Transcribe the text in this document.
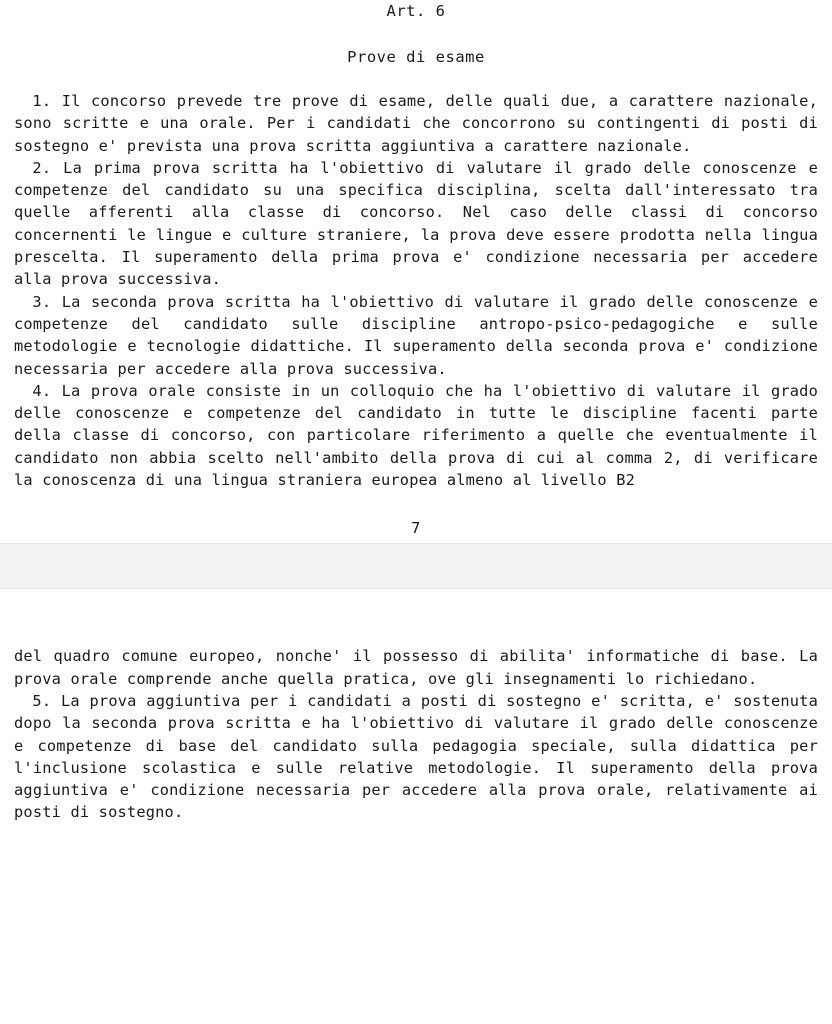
Art. 6
Prove di esame

1. Il concorso prevede tre prove di esame, delle quali due, a carattere nazionale, sono scritte e una orale. Per i candidati che concorrono su contingenti di posti di sostegno e' prevista una prova scritta aggiuntiva a carattere nazionale.

2. La prima prova scritta ha l'obiettivo di valutare il grado delle conoscenze e competenze del candidato su una specifica disciplina, scelta dall'interessato tra quelle afferenti alla classe di concorso. Nel caso delle classi di concorso concernenti le lingue e culture straniere, la prova deve essere prodotta nella lingua prescelta. Il superamento della prima prova e' condizione necessaria per accedere alla prova successiva.

3. La seconda prova scritta ha l'obiettivo di valutare il grado delle conoscenze e competenze del candidato sulle discipline antropo-psico-pedagogiche e sulle metodologie e tecnologie didattiche. Il superamento della seconda prova e' condizione necessaria per accedere alla prova successiva.

4. La prova orale consiste in un colloquio che ha l'obiettivo di valutare il grado delle conoscenze e competenze del candidato in tutte le discipline facenti parte della classe di concorso, con particolare riferimento a quelle che eventualmente il candidato non abbia scelto nell'ambito della prova di cui al comma 2, di verificare la conoscenza di una lingua straniera europea almeno al livello B2

7

del quadro comune europeo, nonche' il possesso di abilita' informatiche di base. La prova orale comprende anche quella pratica, ove gli insegnamenti lo richiedano.

5. La prova aggiuntiva per i candidati a posti di sostegno e' scritta, e' sostenuta dopo la seconda prova scritta e ha l'obiettivo di valutare il grado delle conoscenze e competenze di base del candidato sulla pedagogia speciale, sulla didattica per l'inclusione scolastica e sulle relative metodologie. Il superamento della prova aggiuntiva e' condizione necessaria per accedere alla prova orale, relativamente ai posti di sostegno.
